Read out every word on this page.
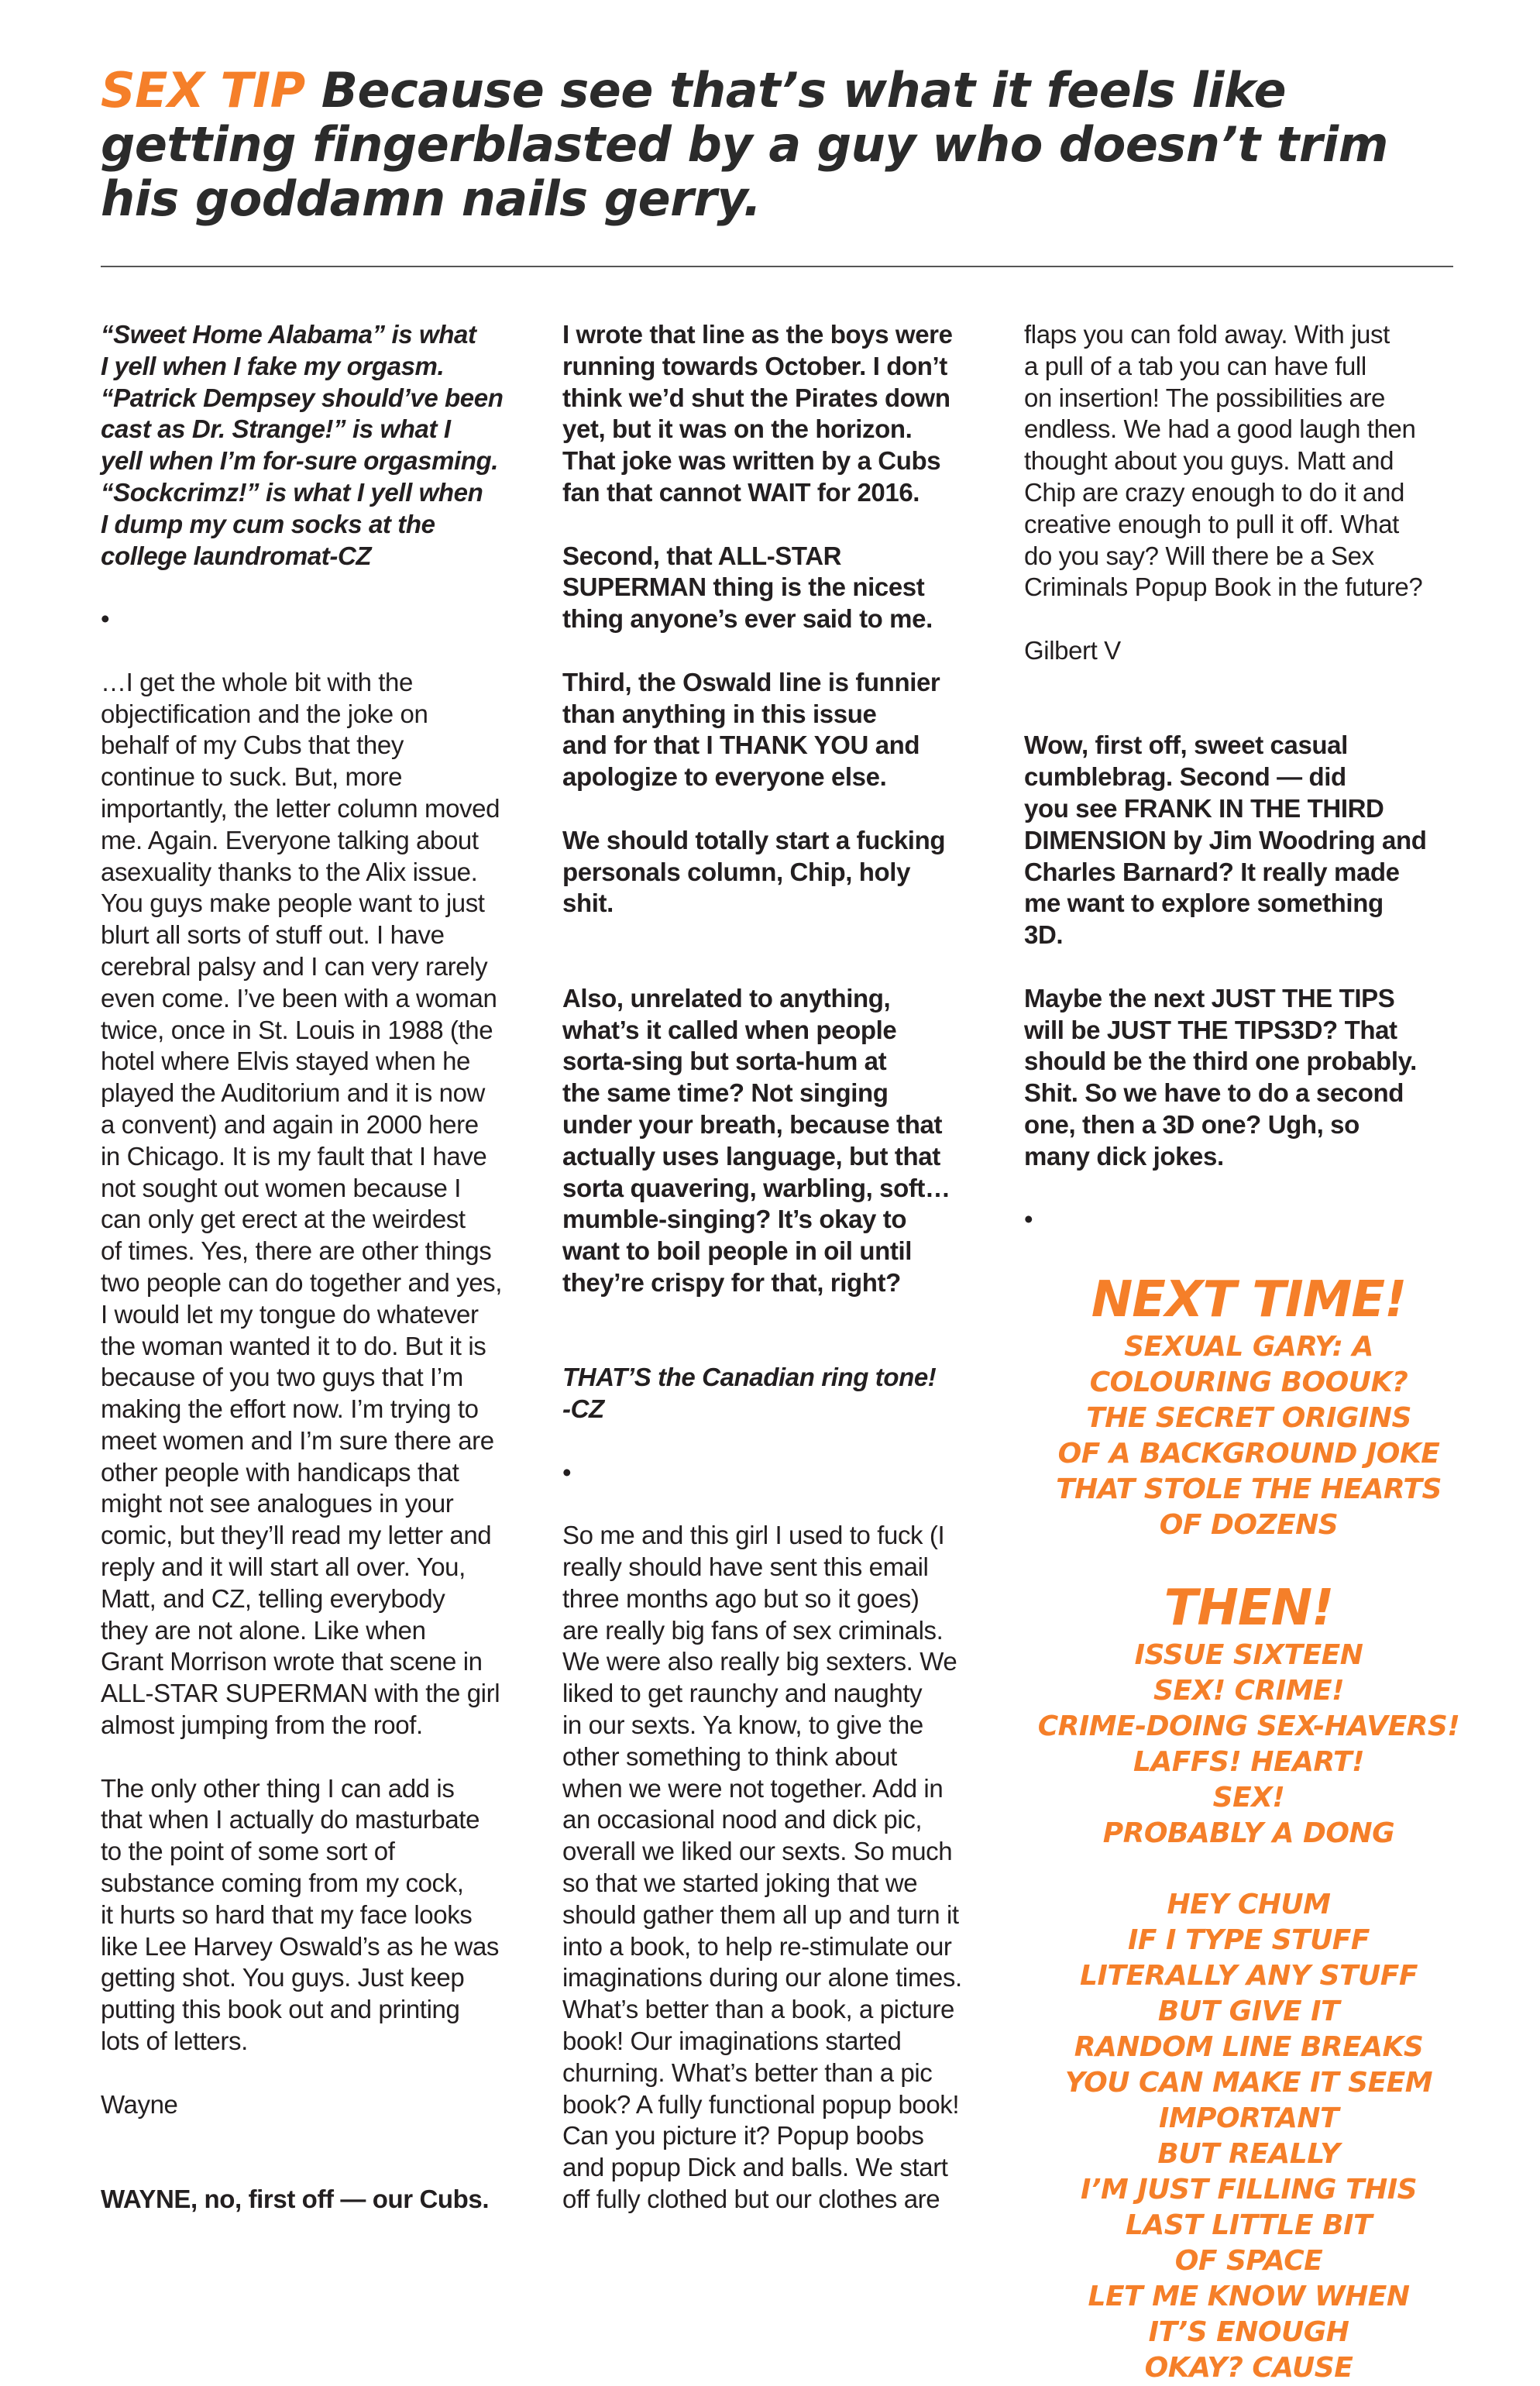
SEX TIP Because see that’s what it feels like getting fingerblasted by a guy who doesn’t trim his goddamn nails gerry.

“Sweet Home Alabama” is what
I yell when I fake my orgasm.
“Patrick Dempsey should’ve been
cast as Dr. Strange!” is what I
yell when I’m for-sure orgasming.
“Sockcrimz!” is what I yell when
I dump my cum socks at the
college laundromat-CZ

•

…I get the whole bit with the
objectification and the joke on
behalf of my Cubs that they
continue to suck. But, more
importantly, the letter column moved
me. Again. Everyone talking about
asexuality thanks to the Alix issue.
You guys make people want to just
blurt all sorts of stuff out. I have
cerebral palsy and I can very rarely
even come. I’ve been with a woman
twice, once in St. Louis in 1988 (the
hotel where Elvis stayed when he
played the Auditorium and it is now
a convent) and again in 2000 here
in Chicago. It is my fault that I have
not sought out women because I
can only get erect at the weirdest
of times. Yes, there are other things
two people can do together and yes,
I would let my tongue do whatever
the woman wanted it to do. But it is
because of you two guys that I’m
making the effort now. I’m trying to
meet women and I’m sure there are
other people with handicaps that
might not see analogues in your
comic, but they’ll read my letter and
reply and it will start all over. You,
Matt, and CZ, telling everybody
they are not alone. Like when
Grant Morrison wrote that scene in
ALL-STAR SUPERMAN with the girl
almost jumping from the roof.

The only other thing I can add is
that when I actually do masturbate
to the point of some sort of
substance coming from my cock,
it hurts so hard that my face looks
like Lee Harvey Oswald’s as he was
getting shot. You guys. Just keep
putting this book out and printing
lots of letters.

Wayne

WAYNE, no, first off — our Cubs.

I wrote that line as the boys were
running towards October. I don’t
think we’d shut the Pirates down
yet, but it was on the horizon.
That joke was written by a Cubs
fan that cannot WAIT for 2016.

Second, that ALL-STAR
SUPERMAN thing is the nicest
thing anyone’s ever said to me.

Third, the Oswald line is funnier
than anything in this issue
and for that I THANK YOU and
apologize to everyone else.

We should totally start a fucking
personals column, Chip, holy
shit.

Also, unrelated to anything,
what’s it called when people
sorta-sing but sorta-hum at
the same time? Not singing
under your breath, because that
actually uses language, but that
sorta quavering, warbling, soft…
mumble-singing? It’s okay to
want to boil people in oil until
they’re crispy for that, right?

THAT’S the Canadian ring tone!
-CZ

•

So me and this girl I used to fuck (I
really should have sent this email
three months ago but so it goes)
are really big fans of sex criminals.
We were also really big sexters. We
liked to get raunchy and naughty
in our sexts. Ya know, to give the
other something to think about
when we were not together. Add in
an occasional nood and dick pic,
overall we liked our sexts. So much
so that we started joking that we
should gather them all up and turn it
into a book, to help re-stimulate our
imaginations during our alone times.
What’s better than a book, a picture
book! Our imaginations started
churning. What’s better than a pic
book? A fully functional popup book!
Can you picture it? Popup boobs
and popup Dick and balls. We start
off fully clothed but our clothes are

flaps you can fold away. With just
a pull of a tab you can have full
on insertion! The possibilities are
endless. We had a good laugh then
thought about you guys. Matt and
Chip are crazy enough to do it and
creative enough to pull it off. What
do you say? Will there be a Sex
Criminals Popup Book in the future?

Gilbert V

Wow, first off, sweet casual
cumblebrag. Second — did
you see FRANK IN THE THIRD
DIMENSION by Jim Woodring and
Charles Barnard? It really made
me want to explore something
3D.

Maybe the next JUST THE TIPS
will be JUST THE TIPS3D? That
should be the third one probably.
Shit. So we have to do a second
one, then a 3D one? Ugh, so
many dick jokes.

•

NEXT TIME!
SEXUAL GARY: A
COLOURING BOOUK?
THE SECRET ORIGINS
OF A BACKGROUND JOKE
THAT STOLE THE HEARTS
OF DOZENS
THEN!
ISSUE SIXTEEN
SEX! CRIME!
CRIME-DOING SEX-HAVERS!
LAFFS! HEART!
SEX!
PROBABLY A DONG
HEY CHUM
IF I TYPE STUFF
LITERALLY ANY STUFF
BUT GIVE IT
RANDOM LINE BREAKS
YOU CAN MAKE IT SEEM
IMPORTANT
BUT REALLY
I’M JUST FILLING THIS
LAST LITTLE BIT
OF SPACE
LET ME KNOW WHEN
IT’S ENOUGH
OKAY? CAUSE
